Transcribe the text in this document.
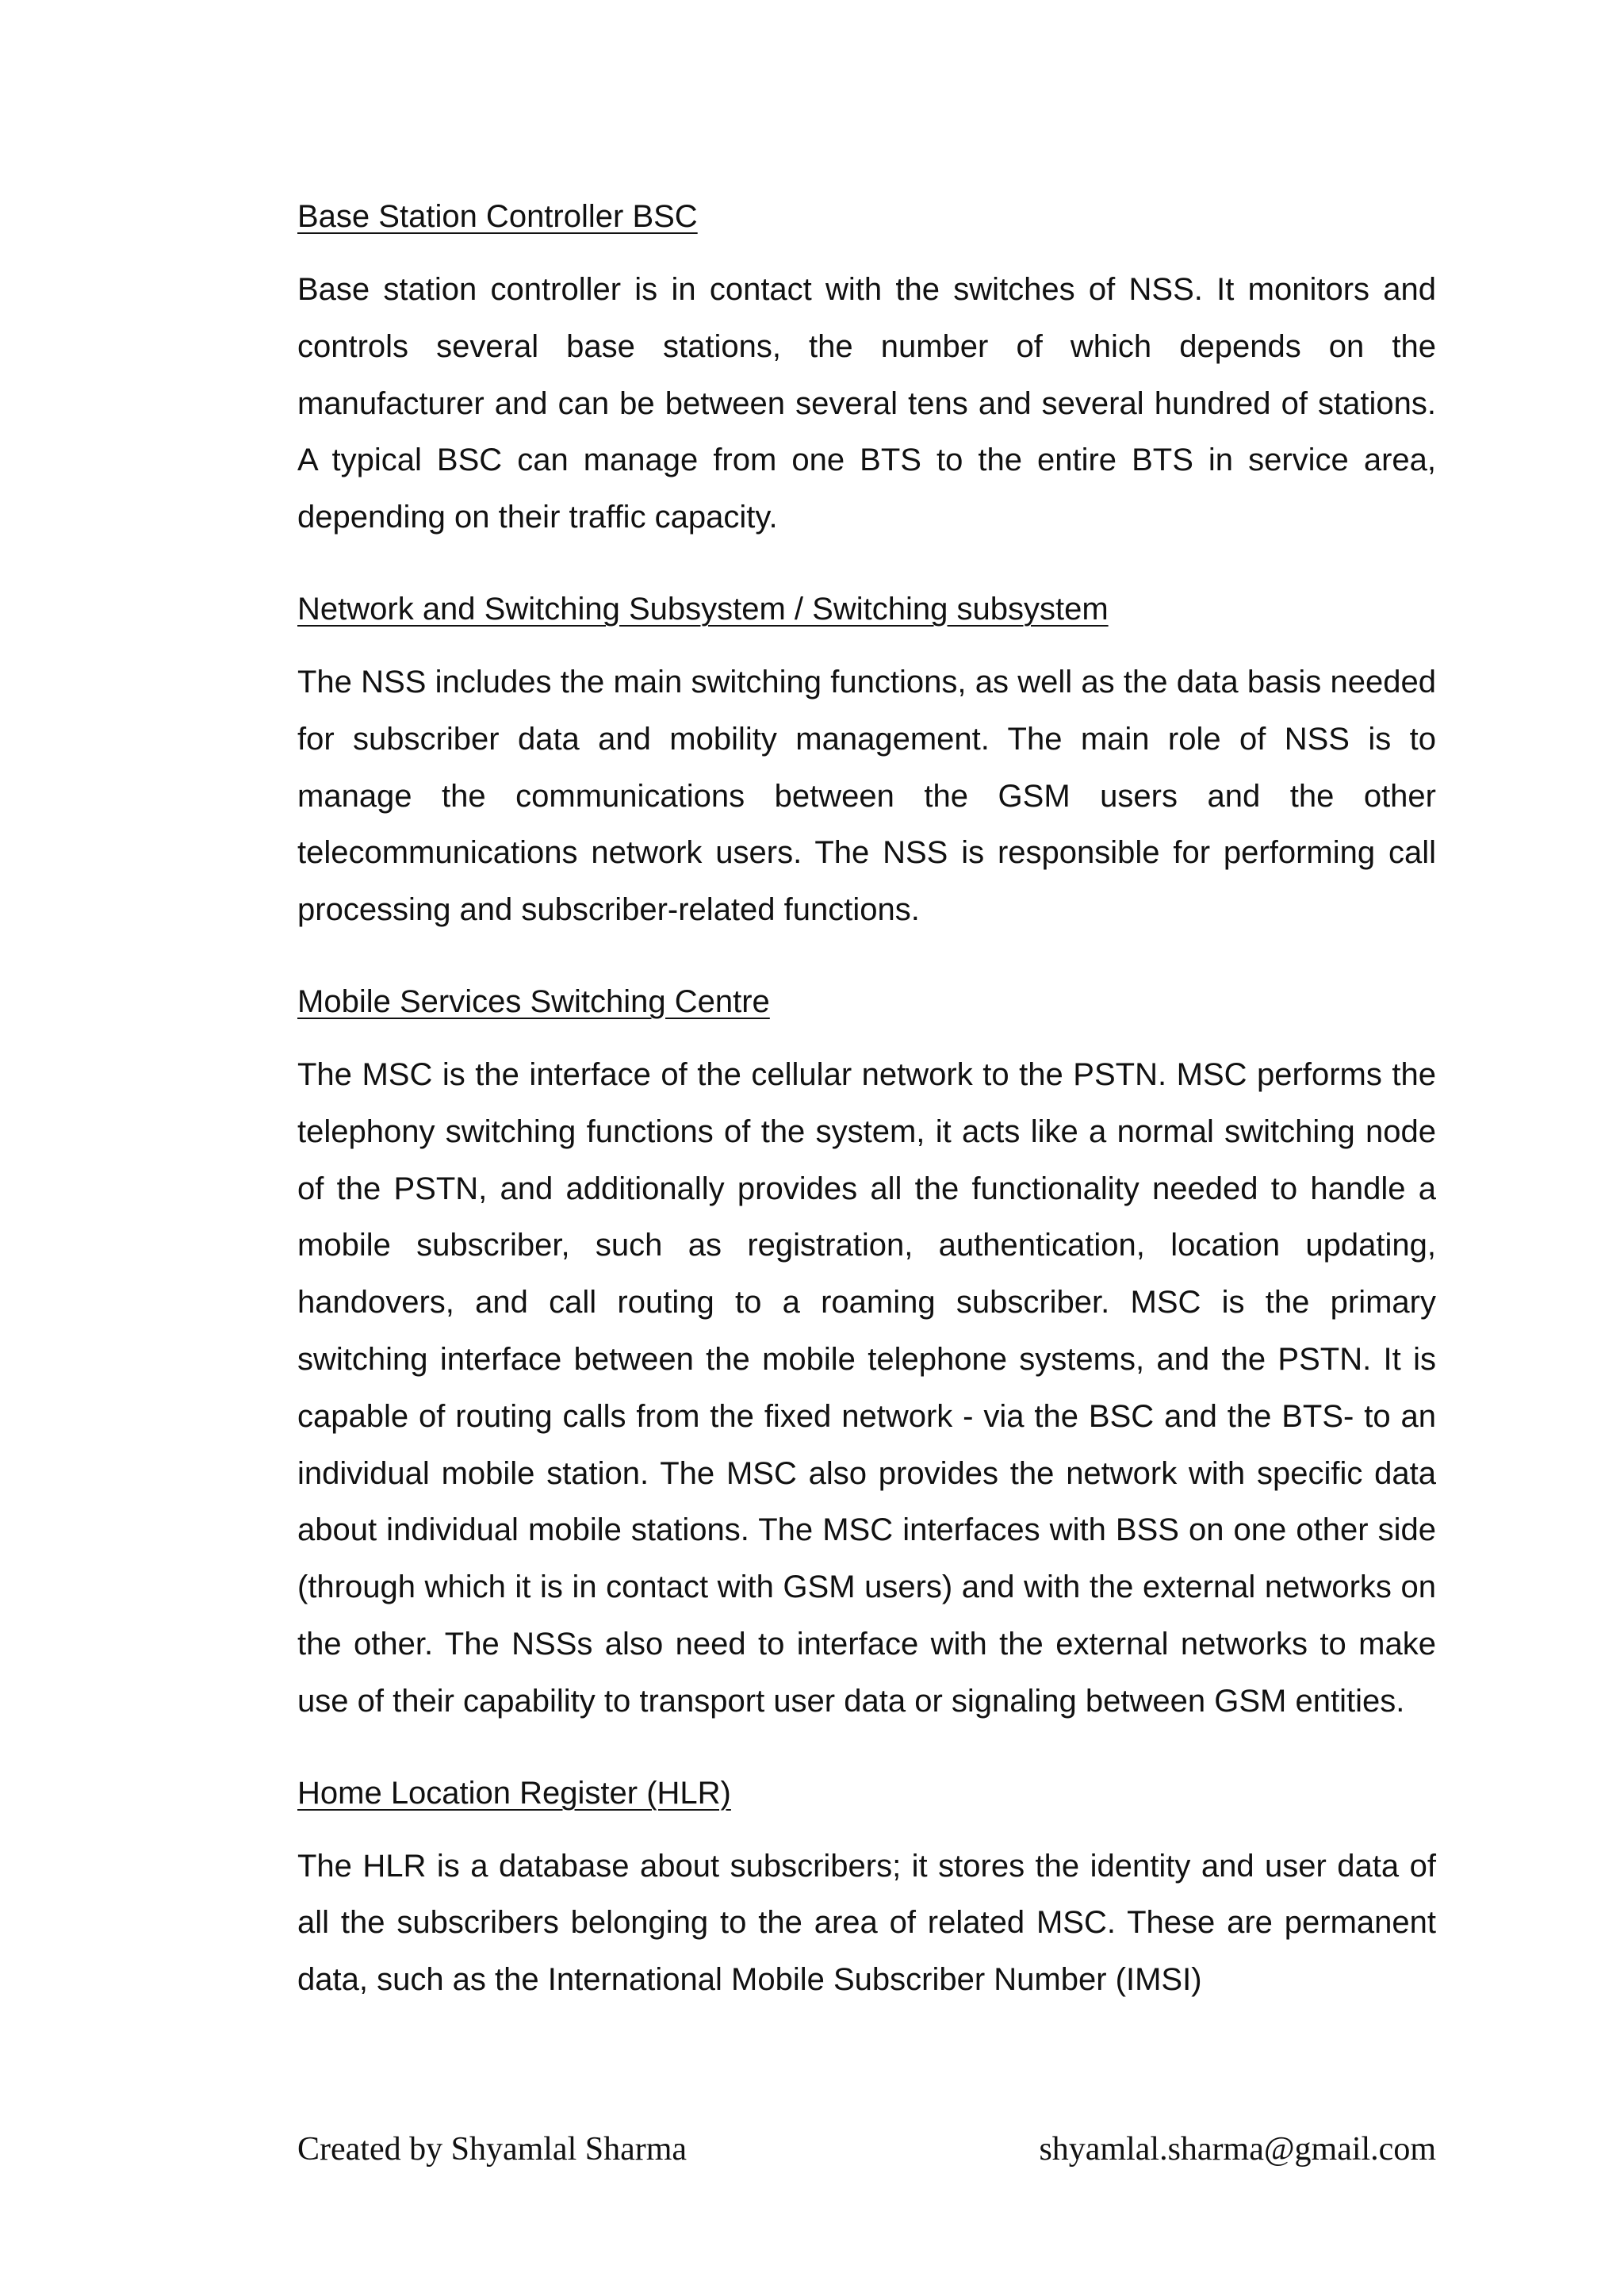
Base Station Controller BSC

Base station controller is in contact with the switches of NSS. It monitors and controls several base stations, the number of which depends on the manufacturer and can be between several tens and several hundred of stations. A typical BSC can manage from one BTS to the entire BTS in service area, depending on their traffic capacity.

Network and Switching Subsystem / Switching subsystem

The NSS includes the main switching functions, as well as the data basis needed for subscriber data and mobility management. The main role of NSS is to manage the communications between the GSM users and the other telecommunications network users. The NSS is responsible for performing call processing and subscriber-related functions.

Mobile Services Switching Centre

The MSC is the interface of the cellular network to the PSTN. MSC performs the telephony switching functions of the system, it acts like a normal switching node of the PSTN, and additionally provides all the functionality needed to handle a mobile subscriber, such as registration, authentication, location updating, handovers, and call routing to a roaming subscriber. MSC is the primary switching interface between the mobile telephone systems, and the PSTN. It is capable of routing calls from the fixed network - via the BSC and the BTS- to an individual mobile station. The MSC also provides the network with specific data about individual mobile stations. The MSC interfaces with BSS on one other side (through which it is in contact with GSM users) and with the external networks on the other. The NSSs also need to interface with the external networks to make use of their capability to transport user data or signaling between GSM entities.

Home Location Register (HLR)

The HLR is a database about subscribers; it stores the identity and user data of all the subscribers belonging to the area of related MSC. These are permanent data, such as the International Mobile Subscriber Number (IMSI)

Created by Shyamlal Sharma	shyamlal.sharma@gmail.com
